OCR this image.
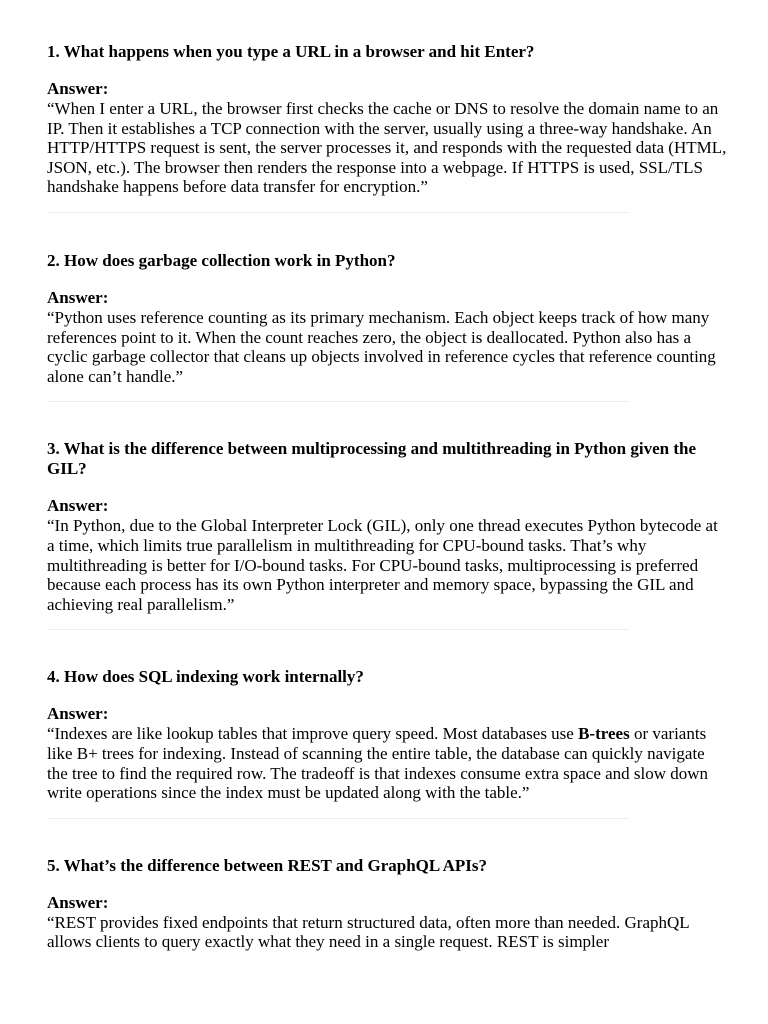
1. What happens when you type a URL in a browser and hit Enter?
Answer:

“When I enter a URL, the browser first checks the cache or DNS to resolve the domain name to an IP. Then it establishes a TCP connection with the server, usually using a three-way handshake. An HTTP/HTTPS request is sent, the server processes it, and responds with the requested data (HTML, JSON, etc.). The browser then renders the response into a webpage. If HTTPS is used, SSL/TLS handshake happens before data transfer for encryption.”

2. How does garbage collection work in Python?
Answer:

“Python uses reference counting as its primary mechanism. Each object keeps track of how many references point to it. When the count reaches zero, the object is deallocated. Python also has a cyclic garbage collector that cleans up objects involved in reference cycles that reference counting alone can’t handle.”

3. What is the difference between multiprocessing and multithreading in Python given the GIL?
Answer:

“In Python, due to the Global Interpreter Lock (GIL), only one thread executes Python bytecode at a time, which limits true parallelism in multithreading for CPU-bound tasks. That’s why multithreading is better for I/O-bound tasks. For CPU-bound tasks, multiprocessing is preferred because each process has its own Python interpreter and memory space, bypassing the GIL and achieving real parallelism.”

4. How does SQL indexing work internally?
Answer:

“Indexes are like lookup tables that improve query speed. Most databases use B-trees or variants like B+ trees for indexing. Instead of scanning the entire table, the database can quickly navigate the tree to find the required row. The tradeoff is that indexes consume extra space and slow down write operations since the index must be updated along with the table.”

5. What’s the difference between REST and GraphQL APIs?
Answer:

“REST provides fixed endpoints that return structured data, often more than needed. GraphQL allows clients to query exactly what they need in a single request. REST is simpler
